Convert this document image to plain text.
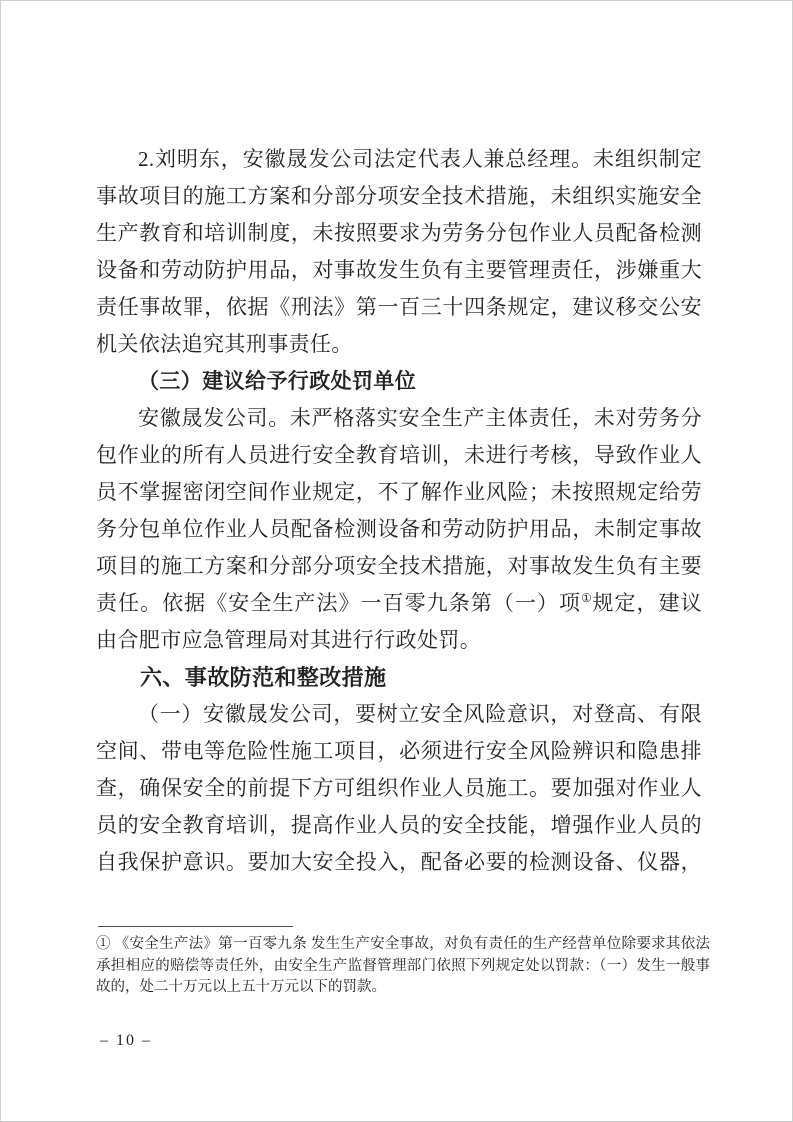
2.刘明东，安徽晟发公司法定代表人兼总经理。未组织制定
事故项目的施工方案和分部分项安全技术措施，未组织实施安全
生产教育和培训制度，未按照要求为劳务分包作业人员配备检测
设备和劳动防护用品，对事故发生负有主要管理责任，涉嫌重大
责任事故罪，依据《刑法》第一百三十四条规定，建议移交公安
机关依法追究其刑事责任。
（三）建议给予行政处罚单位
安徽晟发公司。未严格落实安全生产主体责任，未对劳务分
包作业的所有人员进行安全教育培训，未进行考核，导致作业人
员不掌握密闭空间作业规定，不了解作业风险；未按照规定给劳
务分包单位作业人员配备检测设备和劳动防护用品，未制定事故
项目的施工方案和分部分项安全技术措施，对事故发生负有主要
责任。依据《安全生产法》一百零九条第（一）项①规定，建议
由合肥市应急管理局对其进行行政处罚。
六、事故防范和整改措施
（一）安徽晟发公司，要树立安全风险意识，对登高、有限
空间、带电等危险性施工项目，必须进行安全风险辨识和隐患排
查，确保安全的前提下方可组织作业人员施工。要加强对作业人
员的安全教育培训，提高作业人员的安全技能，增强作业人员的
自我保护意识。要加大安全投入，配备必要的检测设备、仪器，
① 《安全生产法》第一百零九条 发生生产安全事故，对负有责任的生产经营单位除要求其依法
承担相应的赔偿等责任外，由安全生产监督管理部门依照下列规定处以罚款：（一）发生一般事
故的，处二十万元以上五十万元以下的罚款。
– 10 –
